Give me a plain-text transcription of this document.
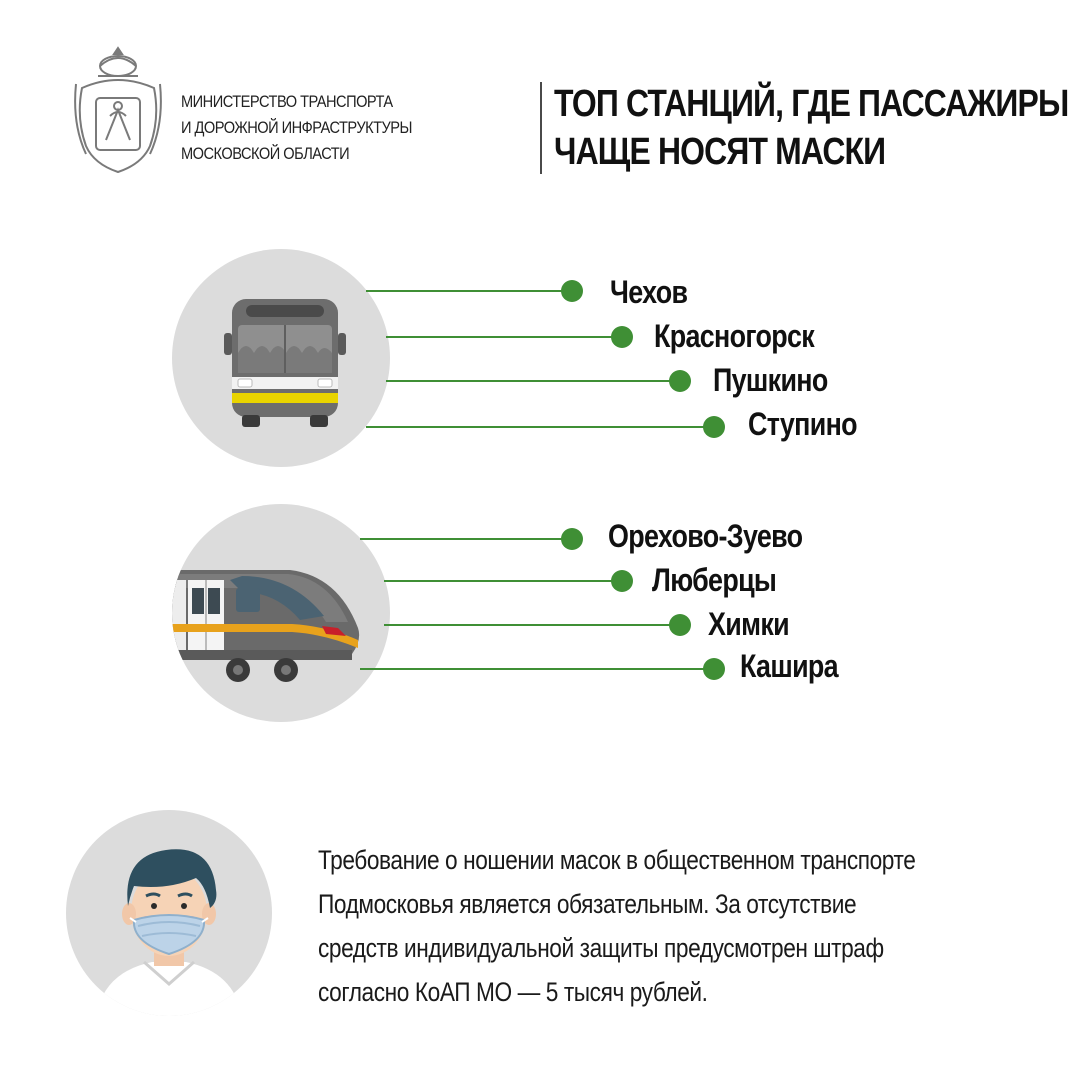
МИНИСТЕРСТВО ТРАНСПОРТА
И ДОРОЖНОЙ ИНФРАСТРУКТУРЫ
МОСКОВСКОЙ ОБЛАСТИ
ТОП СТАНЦИЙ, ГДЕ ПАССАЖИРЫ
ЧАЩЕ НОСЯТ МАСКИ
Чехов
Красногорск
Пушкино
Ступино
Орехово-Зуево
Люберцы
Химки
Кашира
Требование о ношении масок в общественном транспорте
Подмосковья является обязательным. За отсутствие
средств индивидуальной защиты предусмотрен штраф
согласно КоАП МО — 5 тысяч рублей.
